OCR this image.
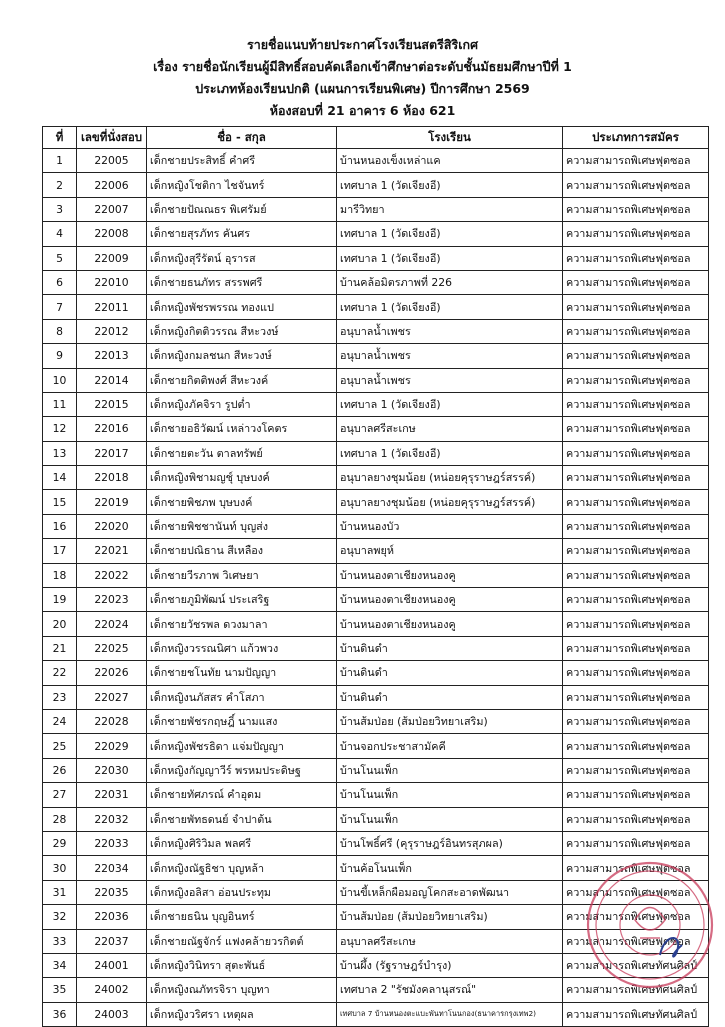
รายชื่อแนบท้ายประกาศโรงเรียนสตรีสิริเกศ
เรื่อง รายชื่อนักเรียนผู้มีสิทธิ์สอบคัดเลือกเข้าศึกษาต่อระดับชั้นมัธยมศึกษาปีที่ 1
ประเภทห้องเรียนปกติ (แผนการเรียนพิเศษ) ปีการศึกษา 2569
ห้องสอบที่ 21 อาคาร 6 ห้อง 621
ที่	เลขที่นั่งสอบ	ชื่อ - สกุล	โรงเรียน	ประเภทการสมัคร
1	22005	เด็กชายประสิทธิ์ คำศรี	บ้านหนองเข็งเหล่าแค	ความสามารถพิเศษฟุตซอล
2	22006	เด็กหญิงโชติกา ไชจันทร์	เทศบาล 1 (วัดเจียงอี)	ความสามารถพิเศษฟุตซอล
3	22007	เด็กชายปัณณธร พิเศรัมย์	มารีวิทยา	ความสามารถพิเศษฟุตซอล
4	22008	เด็กชายสุรภัทร คันศร	เทศบาล 1 (วัดเจียงอี)	ความสามารถพิเศษฟุตซอล
5	22009	เด็กหญิงสุรีรัตน์ อุรารส	เทศบาล 1 (วัดเจียงอี)	ความสามารถพิเศษฟุตซอล
6	22010	เด็กชายธนภัทร สรรพศรี	บ้านคล้อมิตรภาพที่ 226	ความสามารถพิเศษฟุตซอล
7	22011	เด็กหญิงพัชรพรรณ ทองแป	เทศบาล 1 (วัดเจียงอี)	ความสามารถพิเศษฟุตซอล
8	22012	เด็กหญิงกิตติวรรณ สีหะวงษ์	อนุบาลน้ำเพชร	ความสามารถพิเศษฟุตซอล
9	22013	เด็กหญิงกมลชนก สีหะวงษ์	อนุบาลน้ำเพชร	ความสามารถพิเศษฟุตซอล
10	22014	เด็กชายกิตติพงศ์ สีหะวงค์	อนุบาลน้ำเพชร	ความสามารถพิเศษฟุตซอล
11	22015	เด็กหญิงภัคจิรา รูปต่ำ	เทศบาล 1 (วัดเจียงอี)	ความสามารถพิเศษฟุตซอล
12	22016	เด็กชายอธิวัฒน์ เหล่าวงโคตร	อนุบาลศรีสะเกษ	ความสามารถพิเศษฟุตซอล
13	22017	เด็กชายตะวัน ตาลทรัพย์	เทศบาล 1 (วัดเจียงอี)	ความสามารถพิเศษฟุตซอล
14	22018	เด็กหญิงพิชามญชุ์ บุษบงค์	อนุบาลยางชุมน้อย (หน่อยคุรุราษฎร์สรรค์)	ความสามารถพิเศษฟุตซอล
15	22019	เด็กชายพิชภพ บุษบงค์	อนุบาลยางชุมน้อย (หน่อยคุรุราษฎร์สรรค์)	ความสามารถพิเศษฟุตซอล
16	22020	เด็กชายพิชชานันท์ บุญส่ง	บ้านหนองบัว	ความสามารถพิเศษฟุตซอล
17	22021	เด็กชายปณิธาน สีเหลือง	อนุบาลพยุห์	ความสามารถพิเศษฟุตซอล
18	22022	เด็กชายวีรภาพ วิเศษยา	บ้านหนองตาเชียงหนองคู	ความสามารถพิเศษฟุตซอล
19	22023	เด็กชายภูมิพัฒน์ ประเสริฐ	บ้านหนองตาเชียงหนองคู	ความสามารถพิเศษฟุตซอล
20	22024	เด็กชายวัชรพล ดวงมาลา	บ้านหนองตาเชียงหนองคู	ความสามารถพิเศษฟุตซอล
21	22025	เด็กหญิงวรรณนิศา แก้วพวง	บ้านดินดำ	ความสามารถพิเศษฟุตซอล
22	22026	เด็กชายชโนทัย นามปัญญา	บ้านดินดำ	ความสามารถพิเศษฟุตซอล
23	22027	เด็กหญิงนภัสสร คำโสภา	บ้านดินดำ	ความสามารถพิเศษฟุตซอล
24	22028	เด็กชายพัชรกฤษฎิ์ นามแสง	บ้านส้มป่อย (ส้มป่อยวิทยาเสริม)	ความสามารถพิเศษฟุตซอล
25	22029	เด็กหญิงพัชรธิดา แจ่มปัญญา	บ้านจอกประชาสามัคคี	ความสามารถพิเศษฟุตซอล
26	22030	เด็กหญิงกัญญาวีร์ พรหมประดิษฐ	บ้านโนนเพ็ก	ความสามารถพิเศษฟุตซอล
27	22031	เด็กชายทัศภรณ์ คำอุดม	บ้านโนนเพ็ก	ความสามารถพิเศษฟุตซอล
28	22032	เด็กชายพัทธดนย์ จำปาต้น	บ้านโนนเพ็ก	ความสามารถพิเศษฟุตซอล
29	22033	เด็กหญิงศิริวิมล พลศรี	บ้านโพธิ์ศรี (คุรุราษฎร์อินทรสุภผล)	ความสามารถพิเศษฟุตซอล
30	22034	เด็กหญิงณัฐธิชา บุญหล้า	บ้านค้อโนนเพ็ก	ความสามารถพิเศษฟุตซอล
31	22035	เด็กหญิงอลิสา อ่อนประทุม	บ้านขี้เหล็กผือมอญโคกสะอาดพัฒนา	ความสามารถพิเศษฟุตซอล
32	22036	เด็กชายธนิน บุญอินทร์	บ้านส้มป่อย (ส้มป่อยวิทยาเสริม)	ความสามารถพิเศษฟุตซอล
33	22037	เด็กชายณัฐจักร์ แฟงคล้ายวรกิตต์	อนุบาลศรีสะเกษ	ความสามารถพิเศษฟุตซอล
34	24001	เด็กหญิงวินิทรา สุตะพันธ์	บ้านผึ้ง (รัฐราษฎร์บำรุง)	ความสามารถพิเศษทัศนศิลป์
35	24002	เด็กหญิงณภัทรจิรา บุญทา	เทศบาล 2 "รัชมังคลานุสรณ์"	ความสามารถพิเศษทัศนศิลป์
36	24003	เด็กหญิงวริศรา เหตุผล	เทศบาล 7 บ้านหนองตะแบะพันทาโนนกอง(ธนาคารกรุงเทพ2)	ความสามารถพิเศษทัศนศิลป์
